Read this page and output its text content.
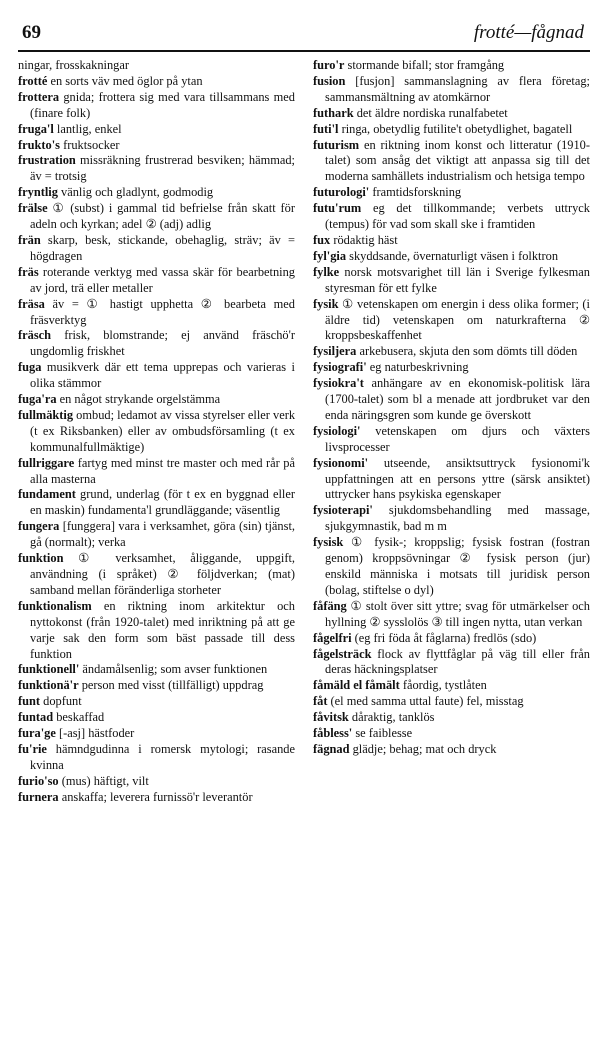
69	frotté—fågnad

ningar, frosskakningar

frotté en sorts väv med öglor på ytan

frottera gnida; frottera sig med vara tillsammans med (finare folk)

fruga'l lantlig, enkel

frukto's fruktsocker

frustration missräkning frustrerad besviken; hämmad; äv = trotsig

fryntlig vänlig och gladlynt, godmodig

frälse ① (subst) i gammal tid befrielse från skatt för adeln och kyrkan; adel ② (adj) adlig

frän skarp, besk, stickande, obehaglig, sträv; äv = högdragen

fräs roterande verktyg med vassa skär för bearbetning av jord, trä eller metaller

fräsa äv = ① hastigt upphetta ② bearbeta med fräsverktyg

fräsch frisk, blomstrande; ej använd fräschö'r ungdomlig friskhet

fuga musikverk där ett tema upprepas och varieras i olika stämmor

fuga'ra en något strykande orgelstämma

fullmäktig ombud; ledamot av vissa styrelser eller verk (t ex Riksbanken) eller av ombudsförsamling (t ex kommunalfullmäktige)

fullriggare fartyg med minst tre master och med rår på alla masterna

fundament grund, underlag (för t ex en byggnad eller en maskin) fundamenta'l grundläggande; väsentlig

fungera [funggera] vara i verksamhet, göra (sin) tjänst, gå (normalt); verka

funktion ① verksamhet, åliggande, uppgift, användning (i språket) ② följdverkan; (mat) samband mellan föränderliga storheter

funktionalism en riktning inom arkitektur och nyttokonst (från 1920-talet) med inriktning på att ge varje sak den form som bäst passade till dess funktion

funktionell' ändamålsenlig; som avser funktionen

funktionä'r person med visst (tillfälligt) uppdrag

funt dopfunt

funtad beskaffad

fura'ge [-asj] hästfoder

fu'rie hämndgudinna i romersk mytologi; rasande kvinna

furio'so (mus) häftigt, vilt

furnera anskaffa; leverera furnissö'r leverantör

furo'r stormande bifall; stor framgång

fusion [fusjon] sammanslagning av flera företag; sammansmältning av atomkärnor

futhark det äldre nordiska runalfabetet

futi'l ringa, obetydlig futilite't obetydlighet, bagatell

futurism en riktning inom konst och litteratur (1910-talet) som ansåg det viktigt att anpassa sig till det moderna samhällets industrialism och hetsiga tempo

futurologi' framtidsforskning

futu'rum eg det tillkommande; verbets uttryck (tempus) för vad som skall ske i framtiden

fux rödaktig häst

fyl'gia skyddsande, övernaturligt väsen i folktron

fylke norsk motsvarighet till län i Sverige fylkesman styresman för ett fylke

fysik ① vetenskapen om energin i dess olika former; (i äldre tid) vetenskapen om naturkrafterna ② kroppsbeskaffenhet

fysiljera arkebusera, skjuta den som dömts till döden

fysiografi' eg naturbeskrivning

fysiokra't anhängare av en ekonomisk-politisk lära (1700-talet) som bl a menade att jordbruket var den enda näringsgren som kunde ge överskott

fysiologi' vetenskapen om djurs och växters livsprocesser

fysionomi' utseende, ansiktsuttryck fysionomi'k uppfattningen att en persons yttre (särsk ansiktet) uttrycker hans psykiska egenskaper

fysioterapi' sjukdomsbehandling med massage, sjukgymnastik, bad m m

fysisk ① fysik-; kroppslig; fysisk fostran (fostran genom) kroppsövningar ② fysisk person (jur) enskild människa i motsats till juridisk person (bolag, stiftelse o dyl)

fåfäng ① stolt över sitt yttre; svag för utmärkelser och hyllning ② sysslolös ③ till ingen nytta, utan verkan

fågelfri (eg fri föda åt fåglarna) fredlös (sdo)

fågelsträck flock av flyttfåglar på väg till eller från deras häckningsplatser

fåmäld el fåmält fåordig, tystlåten

fåt (el med samma uttal faute) fel, misstag

fåvitsk dåraktig, tanklös

fåbless' se faiblesse

fägnad glädje; behag; mat och dryck
